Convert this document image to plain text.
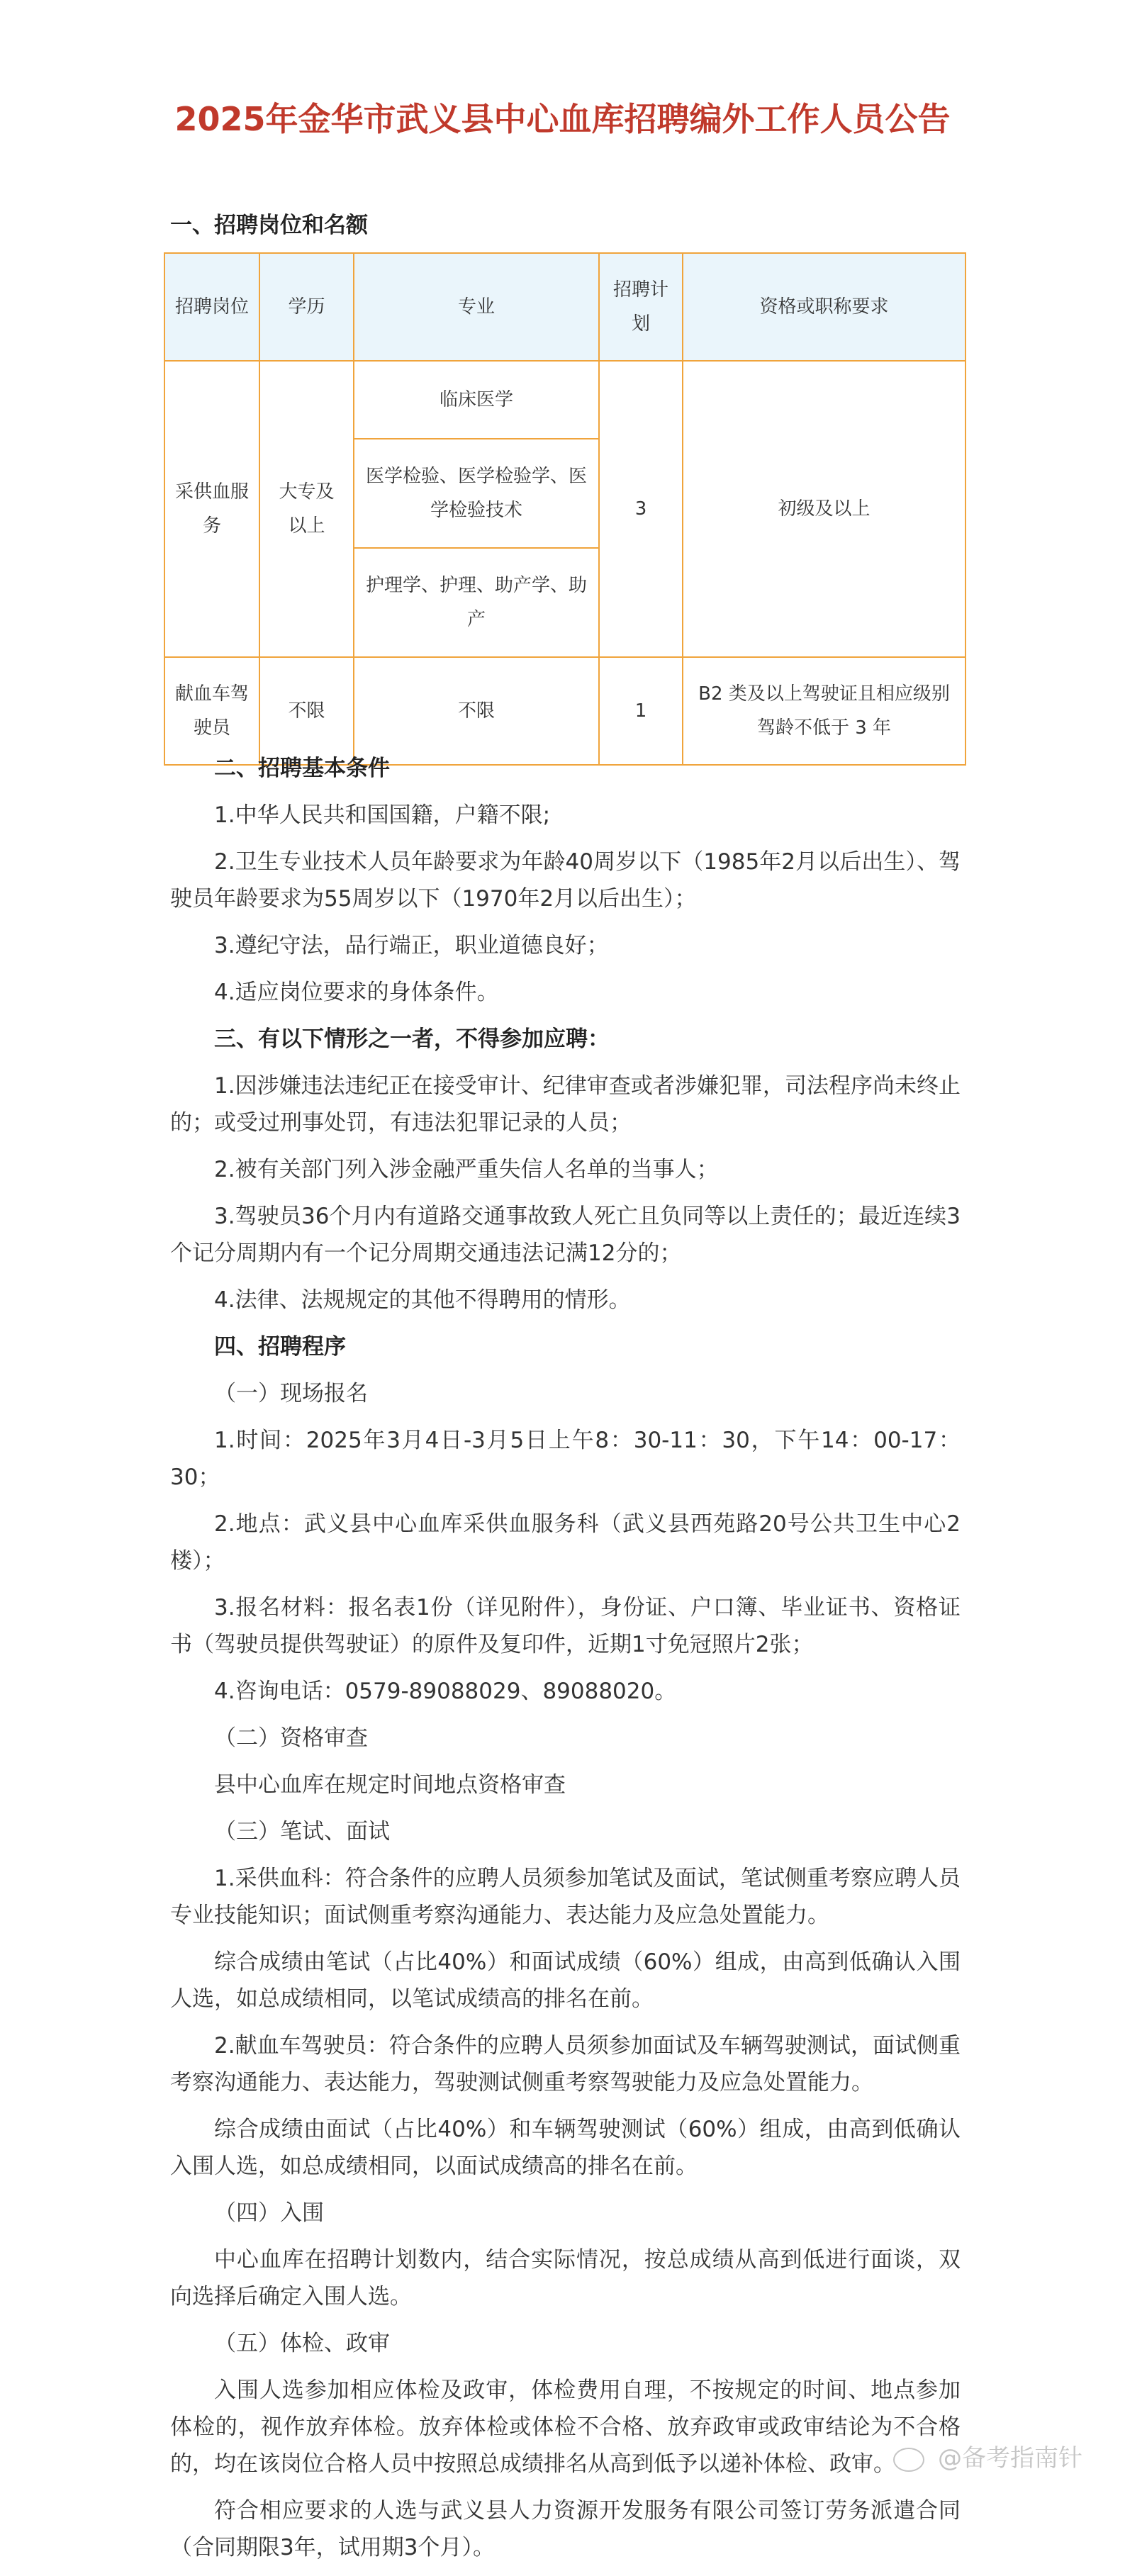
2025年金华市武义县中心血库招聘编外工作人员公告
一、招聘岗位和名额
招聘岗位	学历	专业	招聘计划	资格或职称要求
采供血服务	大专及以上	临床医学	3	初级及以上
		医学检验、医学检验学、医学检验技术		
		护理学、护理、助产学、助产		
献血车驾驶员	不限	不限	1	B2 类及以上驾驶证且相应级别驾龄不低于 3 年
二、招聘基本条件
1.中华人民共和国国籍，户籍不限;
2.卫生专业技术人员年龄要求为年龄40周岁以下（1985年2月以后出生）、驾驶员年龄要求为55周岁以下（1970年2月以后出生）；
3.遵纪守法，品行端正，职业道德良好；
4.适应岗位要求的身体条件。
三、有以下情形之一者，不得参加应聘：
1.因涉嫌违法违纪正在接受审计、纪律审查或者涉嫌犯罪，司法程序尚未终止的；或受过刑事处罚，有违法犯罪记录的人员；
2.被有关部门列入涉金融严重失信人名单的当事人；
3.驾驶员36个月内有道路交通事故致人死亡且负同等以上责任的；最近连续3个记分周期内有一个记分周期交通违法记满12分的；
4.法律、法规规定的其他不得聘用的情形。
四、招聘程序
（一）现场报名
1.时间：2025年3月4日-3月5日上午8：30-11：30，下午14：00-17：30；
2.地点：武义县中心血库采供血服务科（武义县西苑路20号公共卫生中心2楼）；
3.报名材料：报名表1份（详见附件），身份证、户口簿、毕业证书、资格证书（驾驶员提供驾驶证）的原件及复印件，近期1寸免冠照片2张；
4.咨询电话：0579-89088029、89088020。
（二）资格审查
县中心血库在规定时间地点资格审查
（三）笔试、面试
1.采供血科：符合条件的应聘人员须参加笔试及面试，笔试侧重考察应聘人员专业技能知识；面试侧重考察沟通能力、表达能力及应急处置能力。
综合成绩由笔试（占比40%）和面试成绩（60%）组成，由高到低确认入围人选，如总成绩相同，以笔试成绩高的排名在前。
2.献血车驾驶员：符合条件的应聘人员须参加面试及车辆驾驶测试，面试侧重考察沟通能力、表达能力，驾驶测试侧重考察驾驶能力及应急处置能力。
综合成绩由面试（占比40%）和车辆驾驶测试（60%）组成，由高到低确认入围人选，如总成绩相同，以面试成绩高的排名在前。
（四）入围
中心血库在招聘计划数内，结合实际情况，按总成绩从高到低进行面谈，双向选择后确定入围人选。
（五）体检、政审
入围人选参加相应体检及政审，体检费用自理，不按规定的时间、地点参加体检的，视作放弃体检。放弃体检或体检不合格、放弃政审或政审结论为不合格的，均在该岗位合格人员中按照总成绩排名从高到低予以递补体检、政审。
符合相应要求的人选与武义县人力资源开发服务有限公司签订劳务派遣合同（合同期限3年，试用期3个月）。
@备考指南针
